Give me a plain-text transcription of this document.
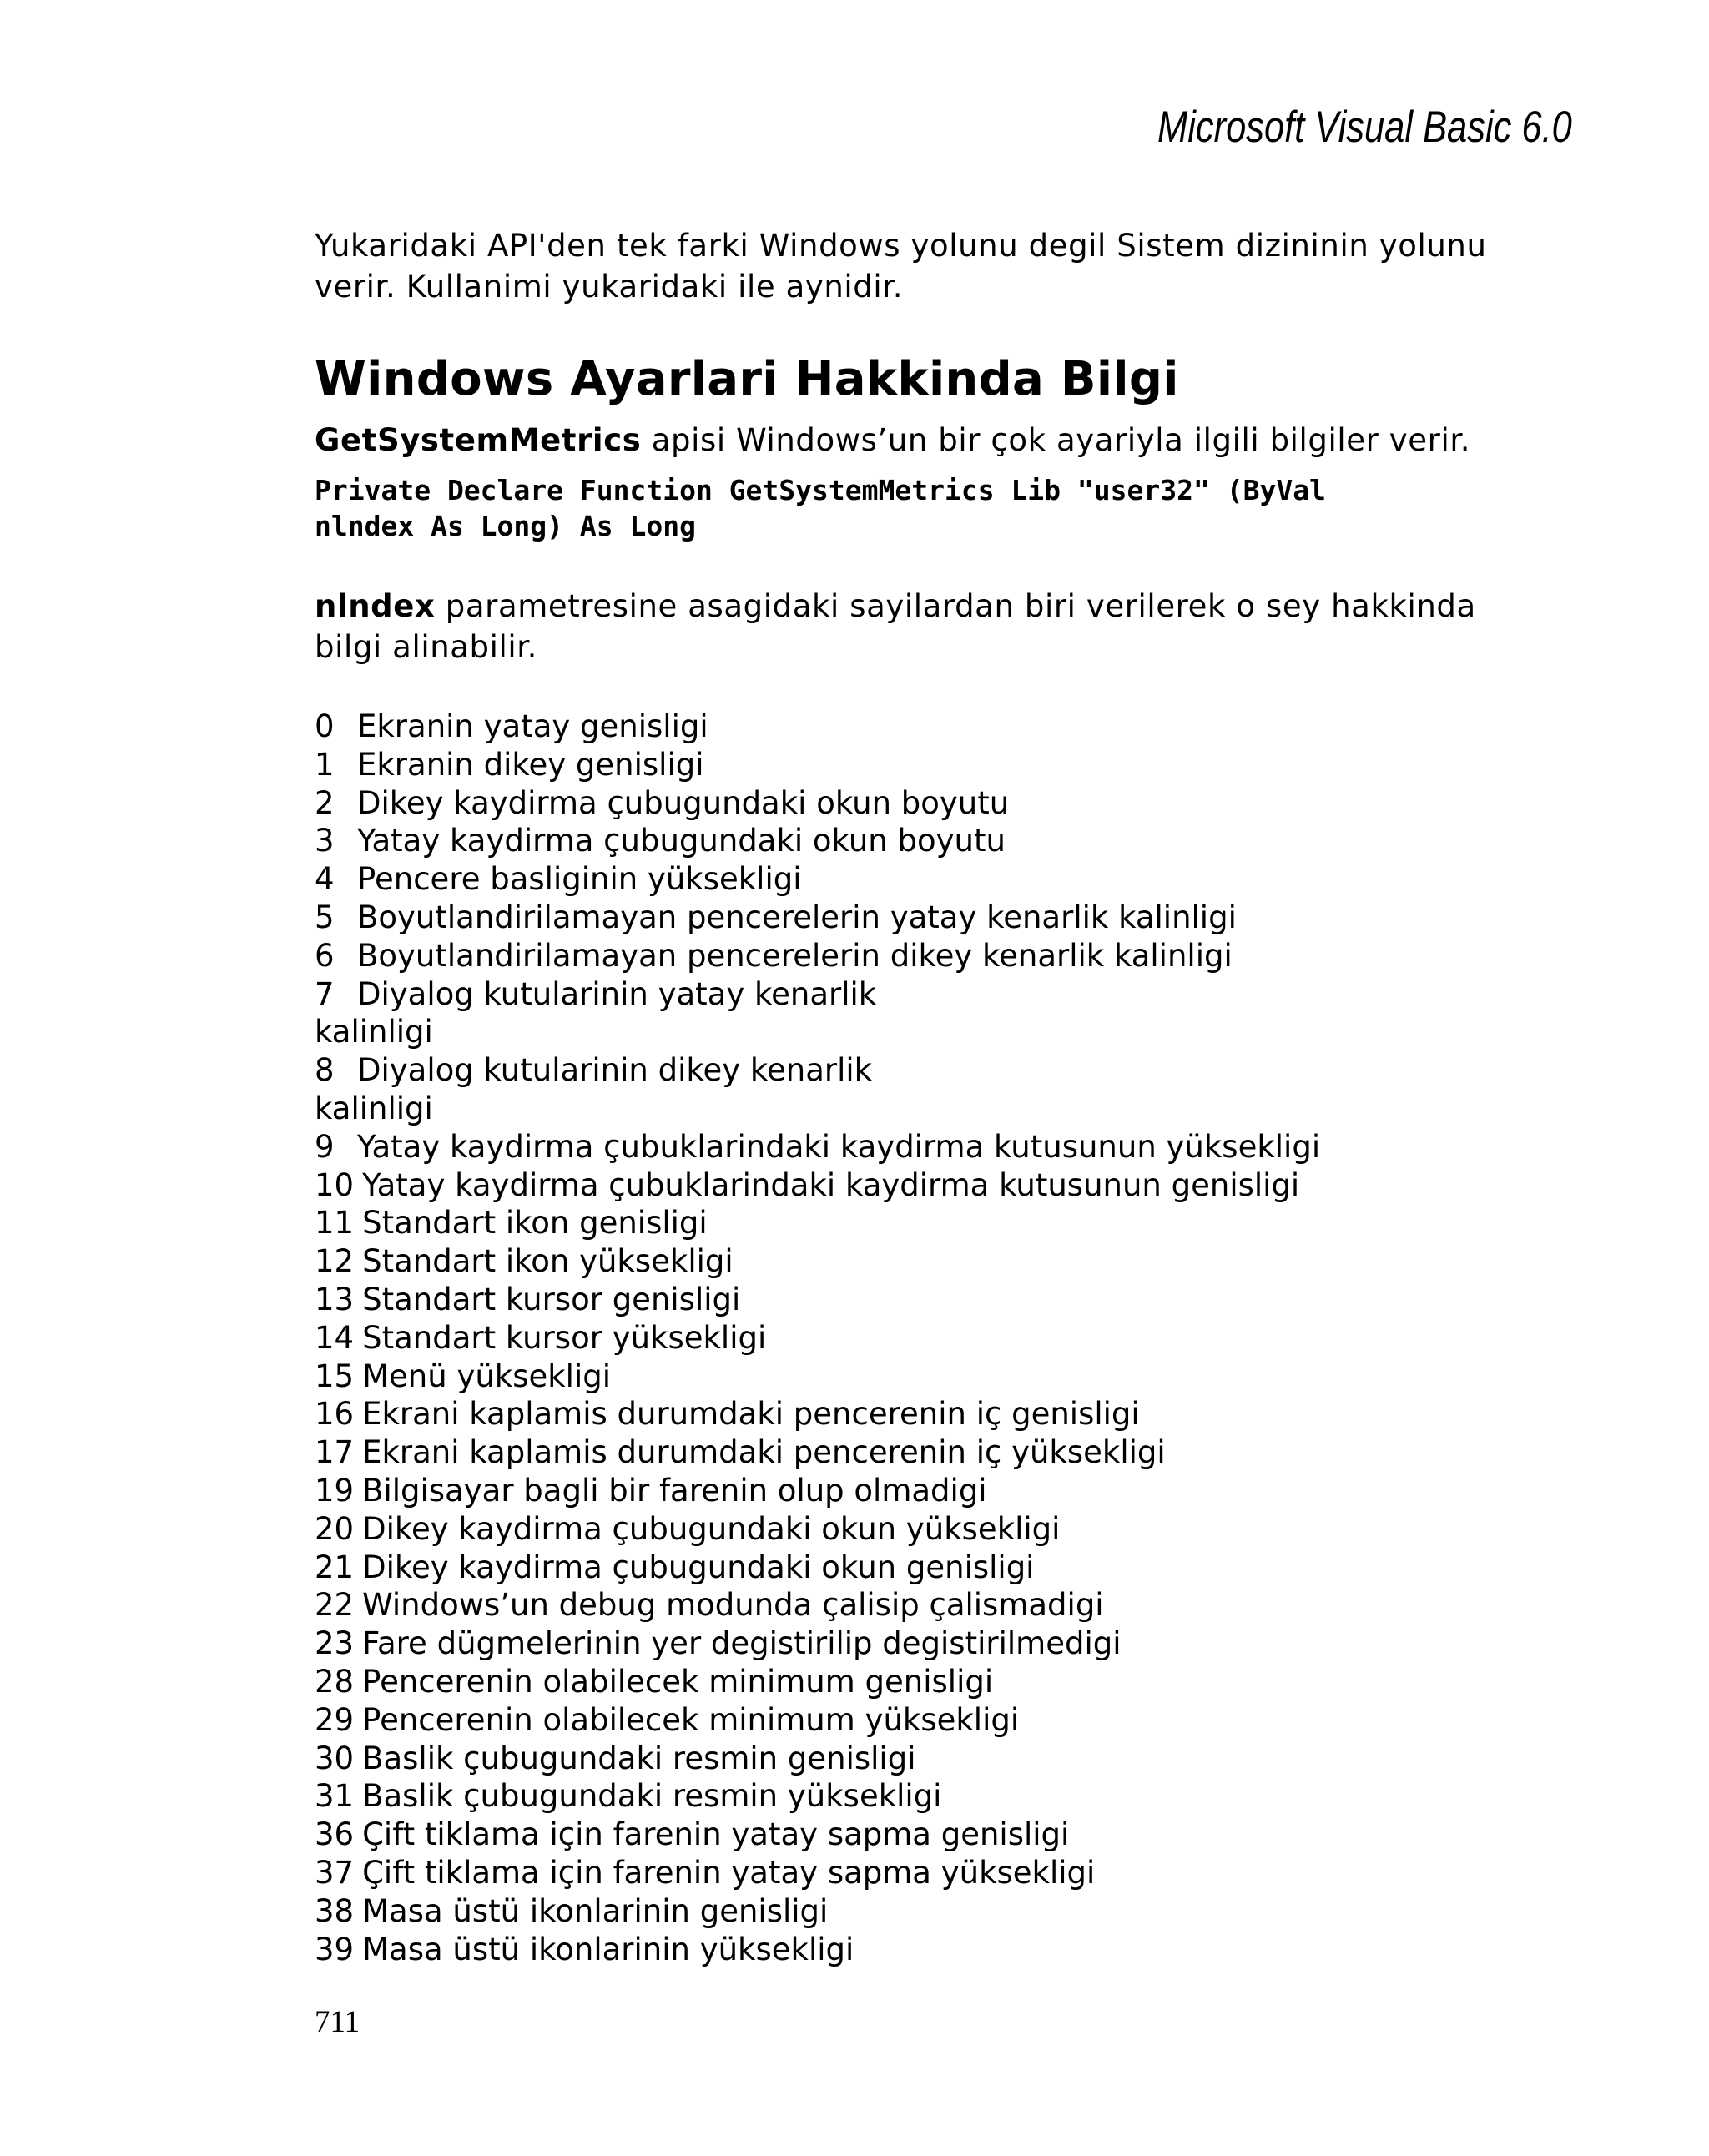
Microsoft Visual Basic 6.0

Yukaridaki API'den tek farki Windows yolunu degil Sistem dizininin yolunu verir. Kullanimi yukaridaki ile aynidir.

Windows Ayarlari Hakkinda Bilgi

GetSystemMetrics apisi Windows’un bir çok ayariyla ilgili bilgiler verir.

Private Declare Function GetSystemMetrics Lib "user32" (ByVal

nlndex As Long) As Long

nlndex parametresine asagidaki sayilardan biri verilerek o sey hakkinda bilgi alinabilir.

0 Ekranin yatay genisligi
1 Ekranin dikey genisligi
2 Dikey kaydirma çubugundaki okun boyutu
3 Yatay kaydirma çubugundaki okun boyutu
4 Pencere basliginin yüksekligi
5 Boyutlandirilamayan pencerelerin yatay kenarlik kalinligi
6 Boyutlandirilamayan pencerelerin dikey kenarlik kalinligi
7 Diyalog kutularinin yatay kenarlik
kalinligi
8 Diyalog kutularinin dikey kenarlik
kalinligi
9 Yatay kaydirma çubuklarindaki kaydirma kutusunun yüksekligi
10 Yatay kaydirma çubuklarindaki kaydirma kutusunun genisligi
11 Standart ikon genisligi
12 Standart ikon yüksekligi
13 Standart kursor genisligi
14 Standart kursor yüksekligi
15 Menü yüksekligi
16 Ekrani kaplamis durumdaki pencerenin iç genisligi
17 Ekrani kaplamis durumdaki pencerenin iç yüksekligi
19 Bilgisayar bagli bir farenin olup olmadigi
20 Dikey kaydirma çubugundaki okun yüksekligi
21 Dikey kaydirma çubugundaki okun genisligi
22 Windows’un debug modunda çalisip çalismadigi
23 Fare dügmelerinin yer degistirilip degistirilmedigi
28 Pencerenin olabilecek minimum genisligi
29 Pencerenin olabilecek minimum yüksekligi
30 Baslik çubugundaki resmin genisligi
31 Baslik çubugundaki resmin yüksekligi
36 Çift tiklama için farenin yatay sapma genisligi
37 Çift tiklama için farenin yatay sapma yüksekligi
38 Masa üstü ikonlarinin genisligi
39 Masa üstü ikonlarinin yüksekligi
711
